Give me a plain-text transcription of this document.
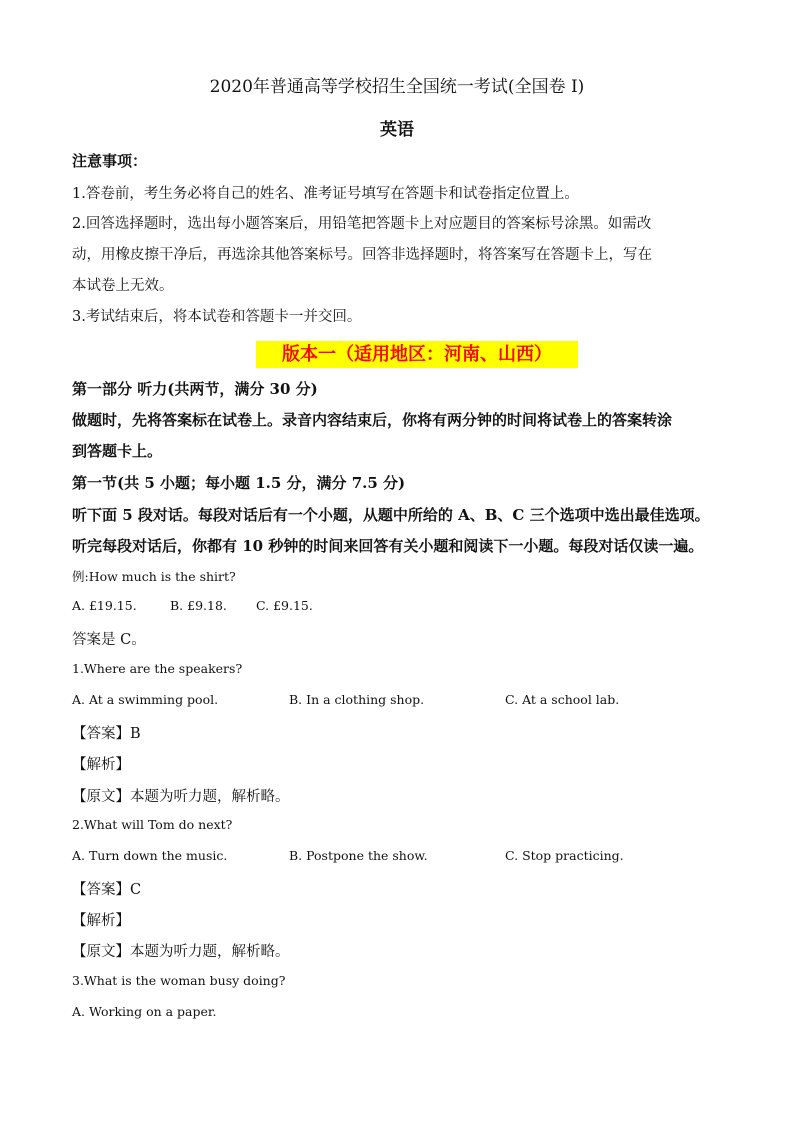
2020年普通高等学校招生全国统一考试(全国卷 I)
英语
注意事项：
1.答卷前，考生务必将自己的姓名、准考证号填写在答题卡和试卷指定位置上。
2.回答选择题时，选出每小题答案后，用铅笔把答题卡上对应题目的答案标号涂黑。如需改
动，用橡皮擦干净后，再选涂其他答案标号。回答非选择题时，将答案写在答题卡上，写在
本试卷上无效。
3.考试结束后，将本试卷和答题卡一并交回。
版本一（适用地区：河南、山西）
第一部分 听力(共两节，满分 30 分)
做题时，先将答案标在试卷上。录音内容结束后，你将有两分钟的时间将试卷上的答案转涂
到答题卡上。
第一节(共 5 小题；每小题 1.5 分，满分 7.5 分)
听下面 5 段对话。每段对话后有一个小题，从题中所给的 A、B、C 三个选项中选出最佳选项。
听完每段对话后，你都有 10 秒钟的时间来回答有关小题和阅读下一小题。每段对话仅读一遍。
例:How much is the shirt?
A. £19.15.	B. £9.18. C. £9.15.
答案是 C。
1.Where are the speakers?
A. At a swimming pool.	B. In a clothing shop.	C. At a school lab.
【答案】B
【解析】
【原文】本题为听力题，解析略。
2.What will Tom do next?
A. Turn down the music.	B. Postpone the show.	C. Stop practicing.
【答案】C
【解析】
【原文】本题为听力题，解析略。
3.What is the woman busy doing?
A. Working on a paper.
